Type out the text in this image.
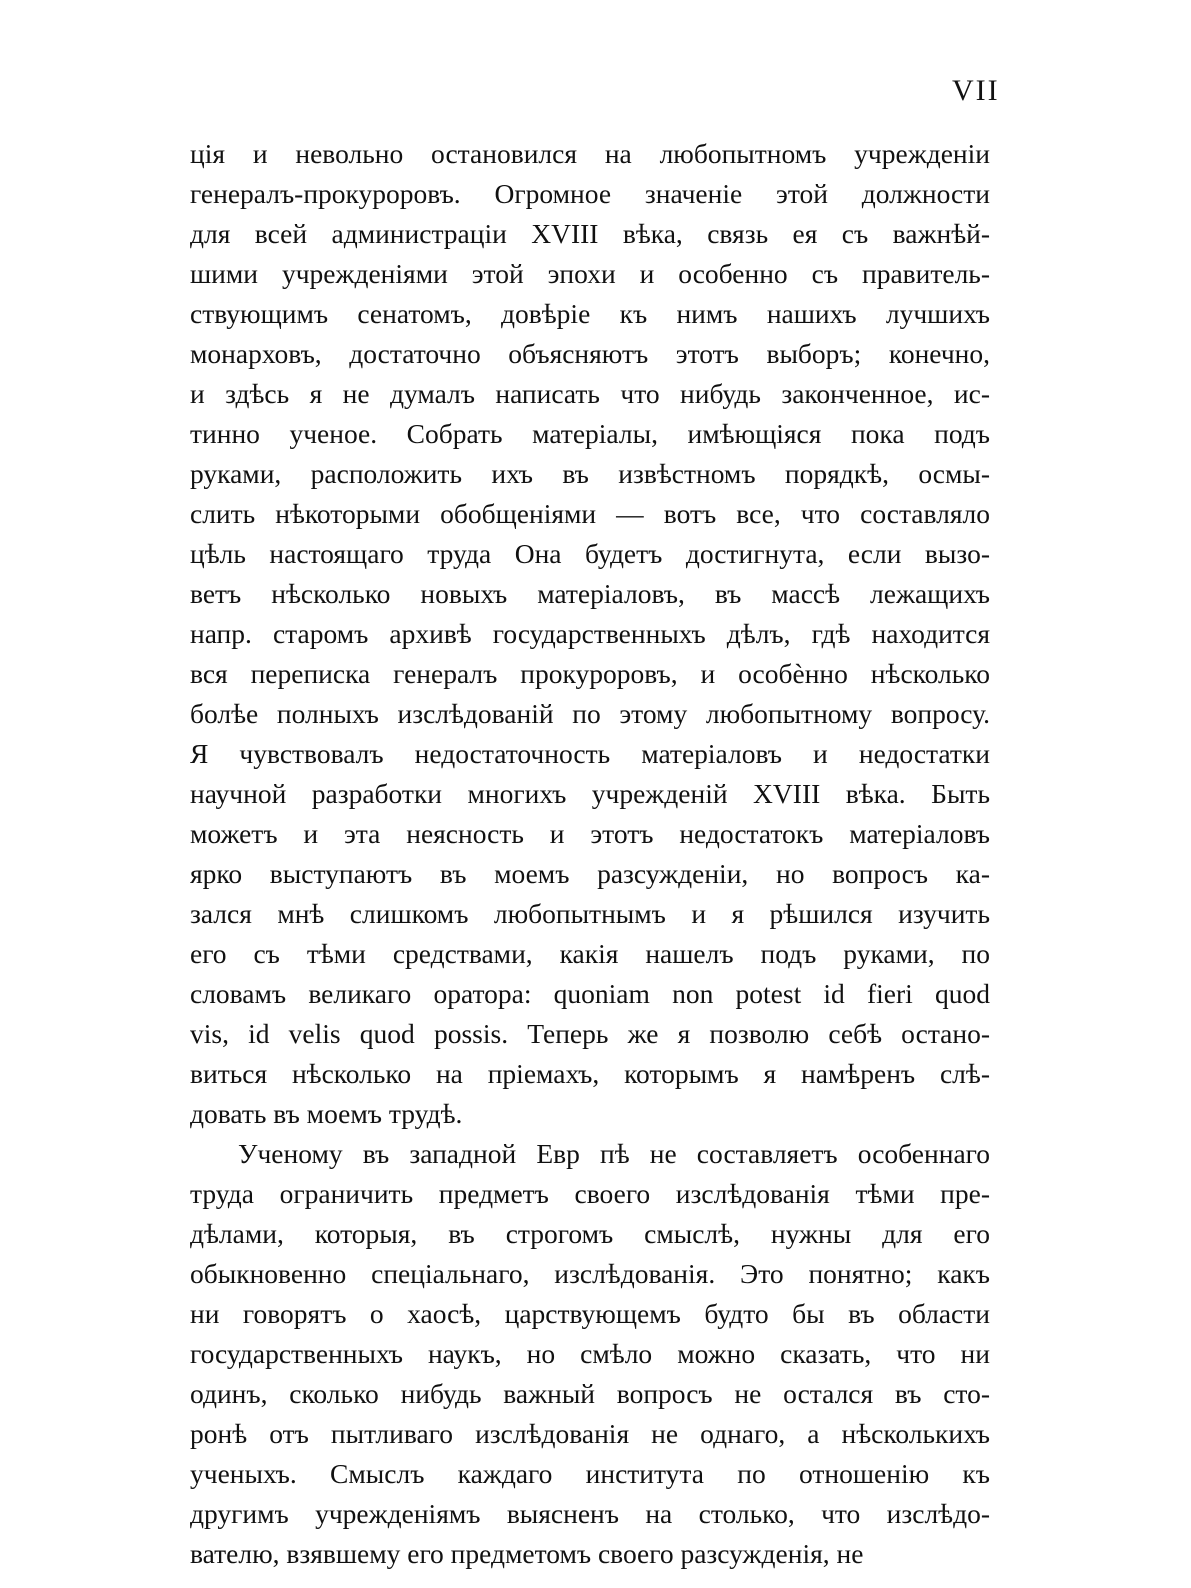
VII
ція и невольно остановился на любопытномъ учрежденіи
генералъ-прокуроровъ. Огромное значеніе этой должности
для всей администраціи XVIII вѣка, связь ея съ важнѣй-
шими учрежденіями этой эпохи и особенно съ правитель-
ствующимъ сенатомъ, довѣріе къ нимъ нашихъ лучшихъ
монарховъ, достаточно объясняютъ этотъ выборъ; конечно,
и здѣсь я не думалъ написать что нибудь законченное, ис-
тинно ученое. Собрать матеріалы, имѣющіяся пока подъ
руками, расположить ихъ въ извѣстномъ порядкѣ, осмы-
слить нѣкоторыми обобщеніями — вотъ все, что составляло
цѣль настоящаго труда Она будетъ достигнута, если вызо-
ветъ нѣсколько новыхъ матеріаловъ, въ массѣ лежащихъ
напр. старомъ архивѣ государственныхъ дѣлъ, гдѣ находится
вся переписка генералъ прокуроровъ, и особѐнно нѣсколько
болѣе полныхъ изслѣдованій по этому любопытному вопросу.
Я чувствовалъ недостаточность матеріаловъ и недостатки
научной разработки многихъ учрежденій XVIII вѣка. Быть
можетъ и эта неясность и этотъ недостатокъ матеріаловъ
ярко выступаютъ въ моемъ разсужденіи, но вопросъ ка-
зался мнѣ слишкомъ любопытнымъ и я рѣшился изучить
его съ тѣми средствами, какія нашелъ подъ руками, по
словамъ великаго оратора: quoniam non potest id fieri quod
vis, id velis quod possis. Теперь же я позволю себѣ остано-
виться нѣсколько на пріемахъ, которымъ я намѣренъ слѣ-
довать въ моемъ трудѣ.
Ученому въ западной Евр пѣ не составляетъ особеннаго
труда ограничить предметъ своего изслѣдованія тѣми пре-
дѣлами, которыя, въ строгомъ смыслѣ, нужны для его
обыкновенно спеціальнаго, изслѣдованія. Это понятно; какъ
ни говорятъ о хаосѣ, царствующемъ будто бы въ области
государственныхъ наукъ, но смѣло можно сказать, что ни
одинъ, сколько нибудь важный вопросъ не остался въ сто-
ронѣ отъ пытливаго изслѣдованія не однаго, а нѣсколькихъ
ученыхъ. Смыслъ каждаго института по отношенію къ
другимъ учрежденіямъ выясненъ на столько, что изслѣдо-
вателю, взявшему его предметомъ своего разсужденія, не
